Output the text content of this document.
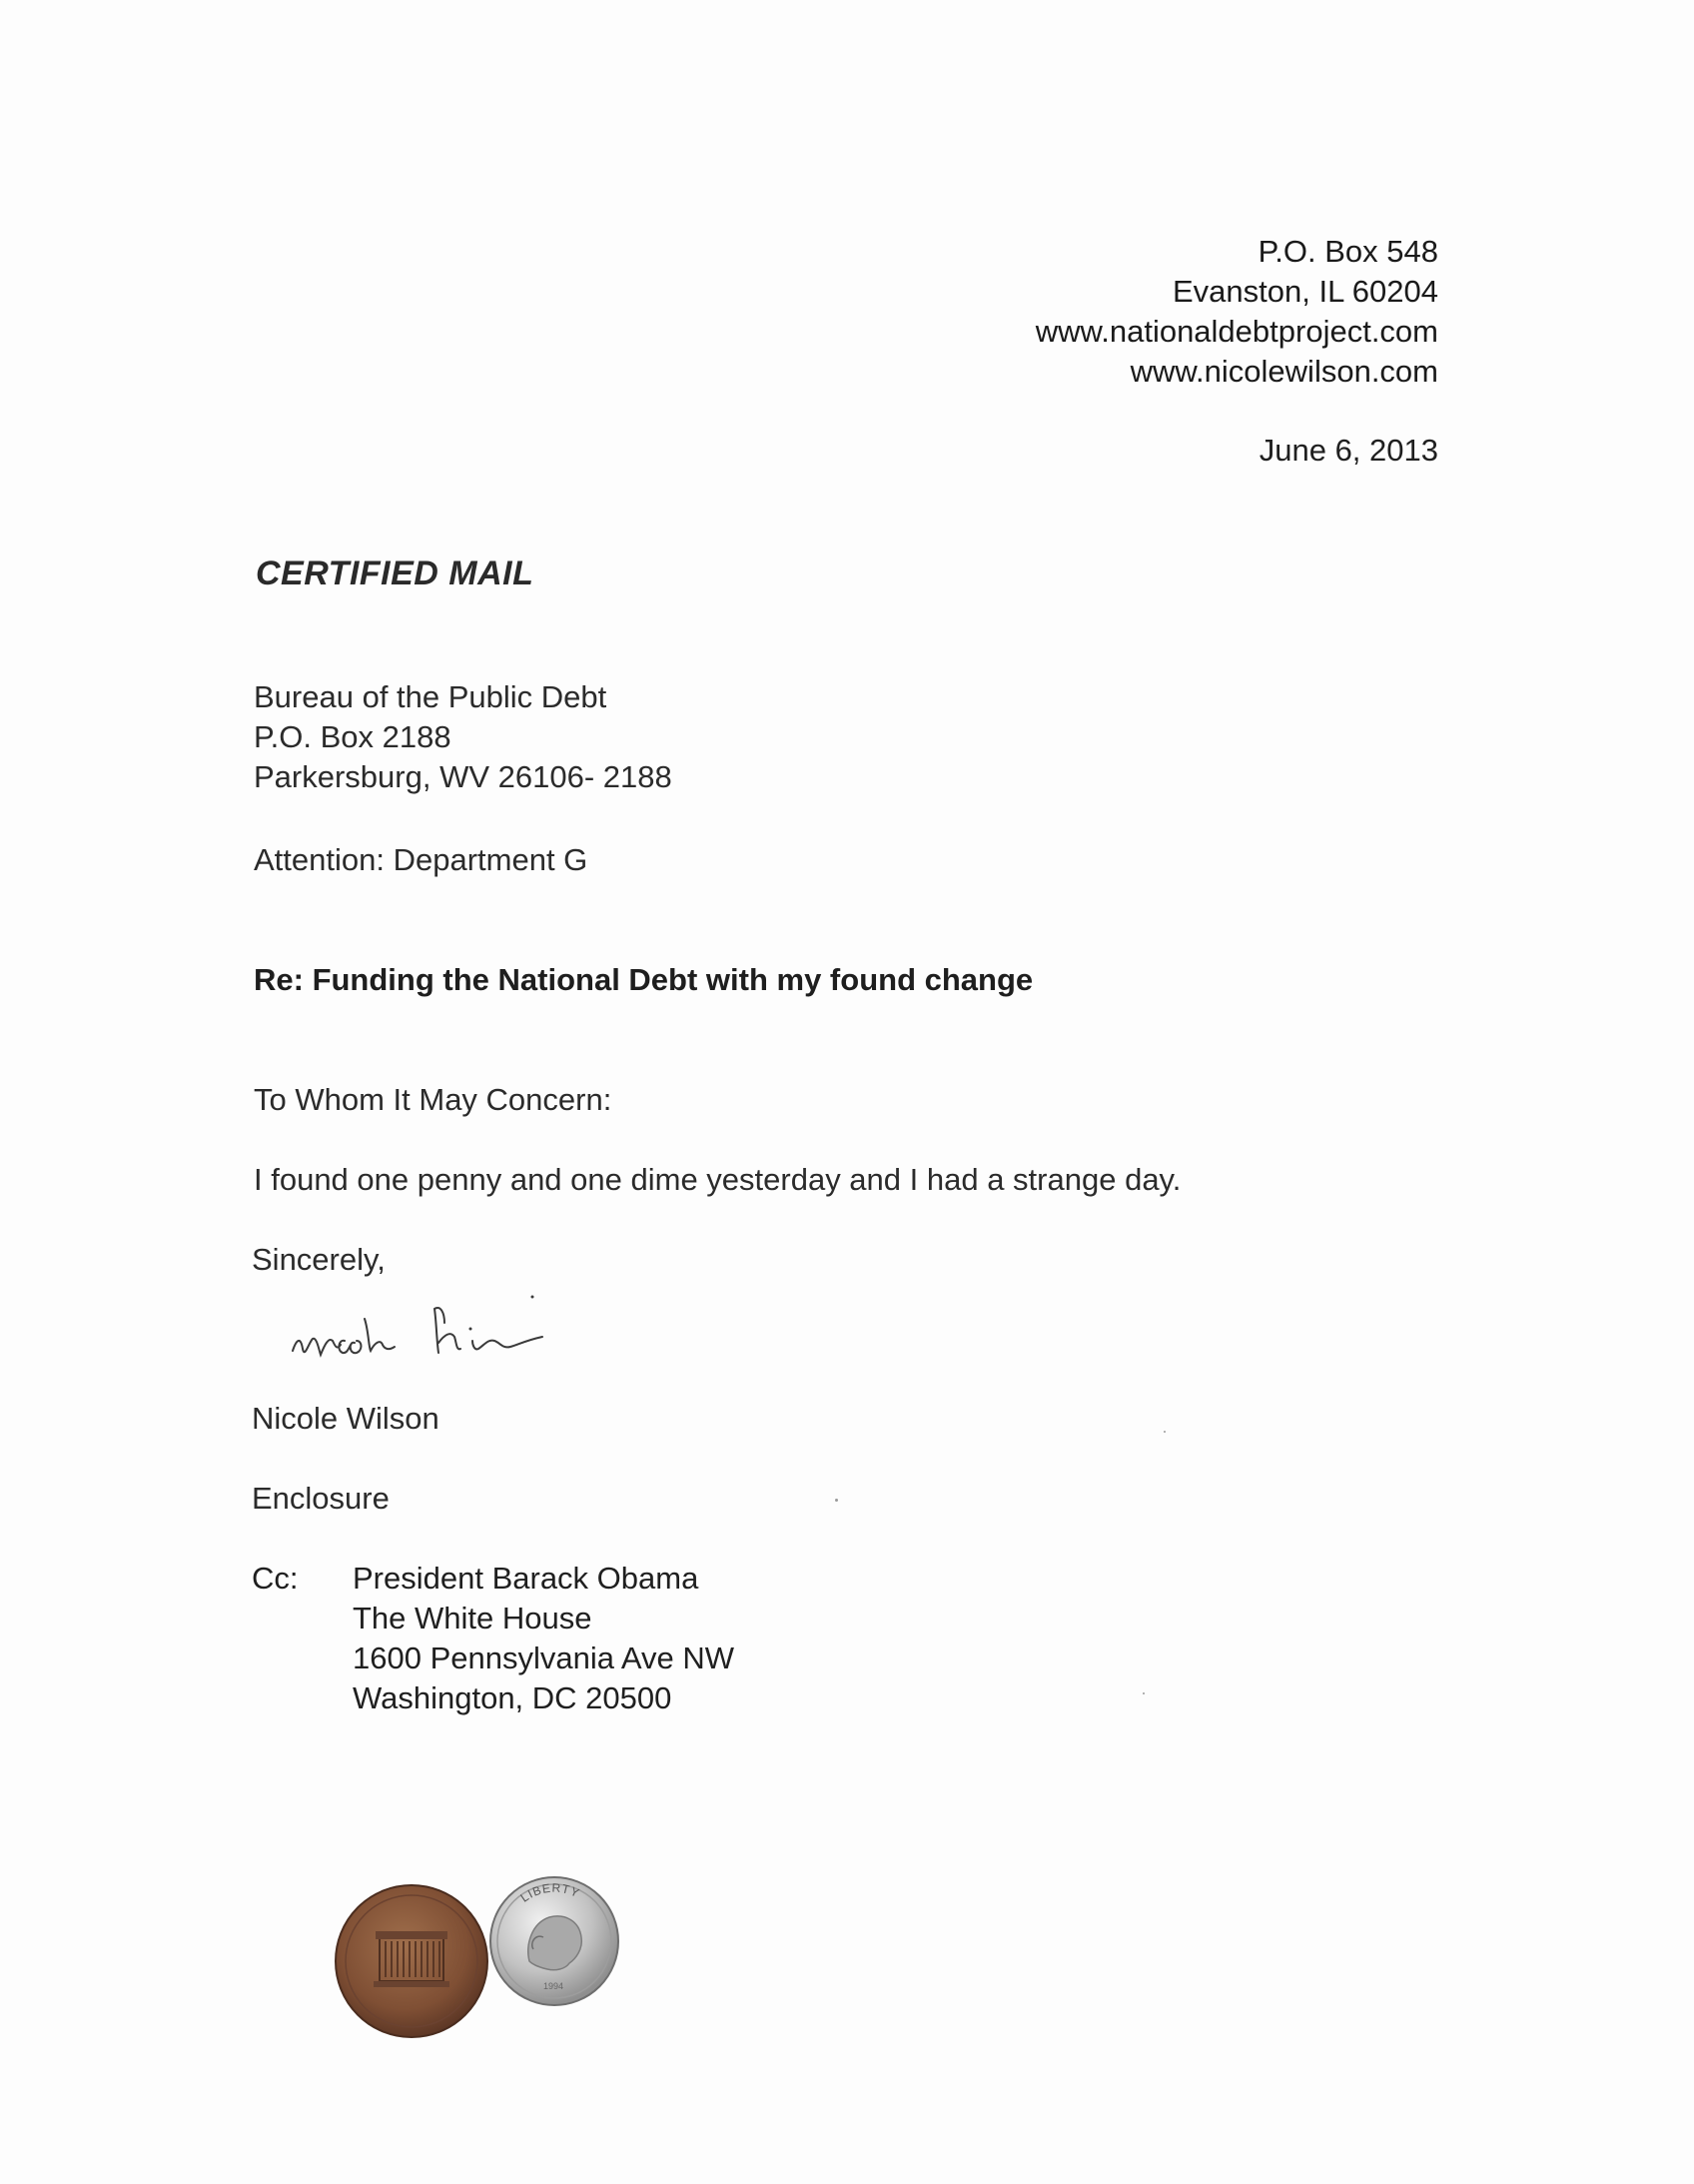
P.O. Box 548
Evanston, IL 60204
www.nationaldebtproject.com
www.nicolewilson.com
June 6, 2013
CERTIFIED MAIL
Bureau of the Public Debt
P.O. Box 2188
Parkersburg, WV 26106- 2188
Attention: Department G
Re: Funding the National Debt with my found change
To Whom It May Concern:
I found one penny and one dime yesterday and I had a strange day.
Sincerely,
Nicole Wilson
Enclosure
Cc: President Barack Obama
The White House
1600 Pennsylvania Ave NW
Washington, DC 20500
LIBERTY
1994
